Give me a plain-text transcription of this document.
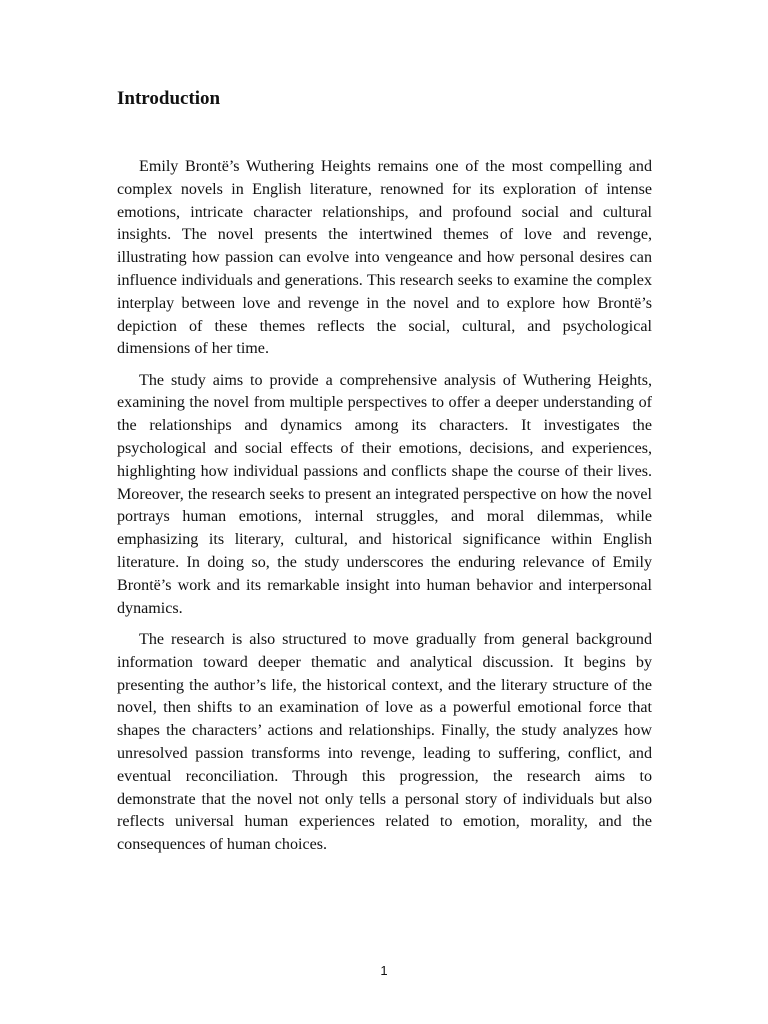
Introduction

Emily Brontë’s Wuthering Heights remains one of the most compelling and complex novels in English literature, renowned for its exploration of intense emotions, intricate character relationships, and profound social and cultural insights. The novel presents the intertwined themes of love and revenge, illustrating how passion can evolve into vengeance and how personal desires can influence individuals and generations. This research seeks to examine the complex interplay between love and revenge in the novel and to explore how Brontë’s depiction of these themes reflects the social, cultural, and psychological dimensions of her time.

The study aims to provide a comprehensive analysis of Wuthering Heights, examining the novel from multiple perspectives to offer a deeper understanding of the relationships and dynamics among its characters. It investigates the psychological and social effects of their emotions, decisions, and experiences, highlighting how individual passions and conflicts shape the course of their lives. Moreover, the research seeks to present an integrated perspective on how the novel portrays human emotions, internal struggles, and moral dilemmas, while emphasizing its literary, cultural, and historical significance within English literature. In doing so, the study underscores the enduring relevance of Emily Brontë’s work and its remarkable insight into human behavior and interpersonal dynamics.

The research is also structured to move gradually from general background information toward deeper thematic and analytical discussion. It begins by presenting the author’s life, the historical context, and the literary structure of the novel, then shifts to an examination of love as a powerful emotional force that shapes the characters’ actions and relationships. Finally, the study analyzes how unresolved passion transforms into revenge, leading to suffering, conflict, and eventual reconciliation. Through this progression, the research aims to demonstrate that the novel not only tells a personal story of individuals but also reflects universal human experiences related to emotion, morality, and the consequences of human choices.

1
